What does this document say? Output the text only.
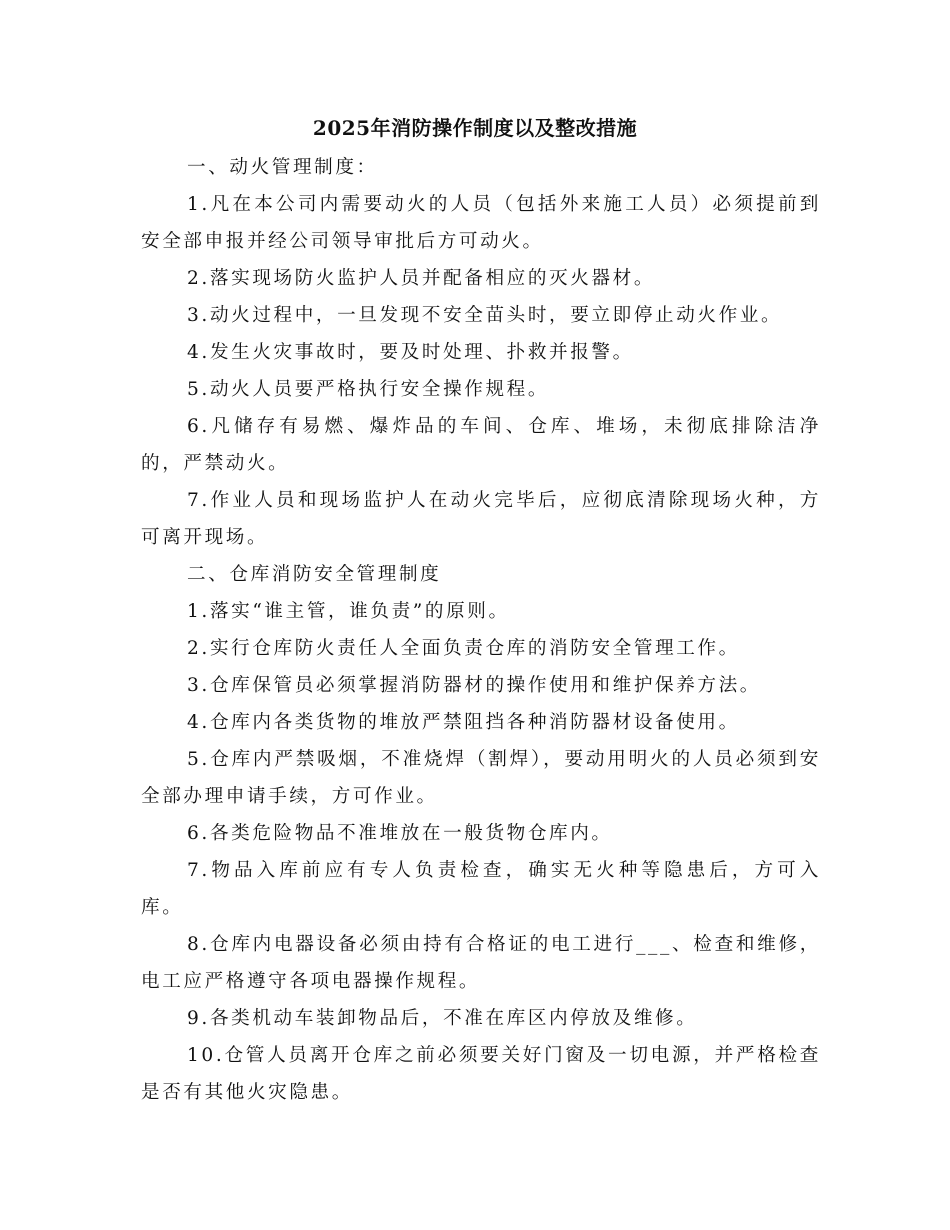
2025年消防操作制度以及整改措施

一、动火管理制度：

1.凡在本公司内需要动火的人员（包括外来施工人员）必须提前到安全部申报并经公司领导审批后方可动火。

2.落实现场防火监护人员并配备相应的灭火器材。

3.动火过程中，一旦发现不安全苗头时，要立即停止动火作业。

4.发生火灾事故时，要及时处理、扑救并报警。

5.动火人员要严格执行安全操作规程。

6.凡储存有易燃、爆炸品的车间、仓库、堆场，未彻底排除洁净的，严禁动火。

7.作业人员和现场监护人在动火完毕后，应彻底清除现场火种，方可离开现场。

二、仓库消防安全管理制度

1.落实“谁主管，谁负责”的原则。

2.实行仓库防火责任人全面负责仓库的消防安全管理工作。

3.仓库保管员必须掌握消防器材的操作使用和维护保养方法。

4.仓库内各类货物的堆放严禁阻挡各种消防器材设备使用。

5.仓库内严禁吸烟，不准烧焊（割焊），要动用明火的人员必须到安全部办理申请手续，方可作业。

6.各类危险物品不准堆放在一般货物仓库内。

7.物品入库前应有专人负责检查，确实无火种等隐患后，方可入库。

8.仓库内电器设备必须由持有合格证的电工进行___、检查和维修，电工应严格遵守各项电器操作规程。

9.各类机动车装卸物品后，不准在库区内停放及维修。

10.仓管人员离开仓库之前必须要关好门窗及一切电源，并严格检查是否有其他火灾隐患。
